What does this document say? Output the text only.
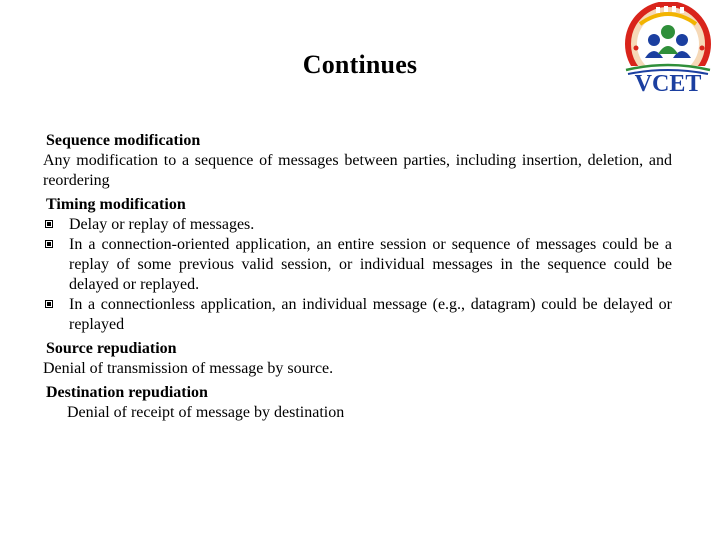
Continues
VCET
Sequence modification
Any modification to a sequence of messages between parties, including insertion, deletion, and reordering
Timing modification
Delay or replay of messages.
In a connection-oriented application, an entire session or sequence of messages could be a replay of some previous valid session, or individual messages in the sequence could be delayed or replayed.
In a connectionless application, an individual message (e.g., datagram) could be delayed or replayed
Source repudiation
Denial of transmission of message by source.
Destination repudiation
Denial of receipt of message by destination
